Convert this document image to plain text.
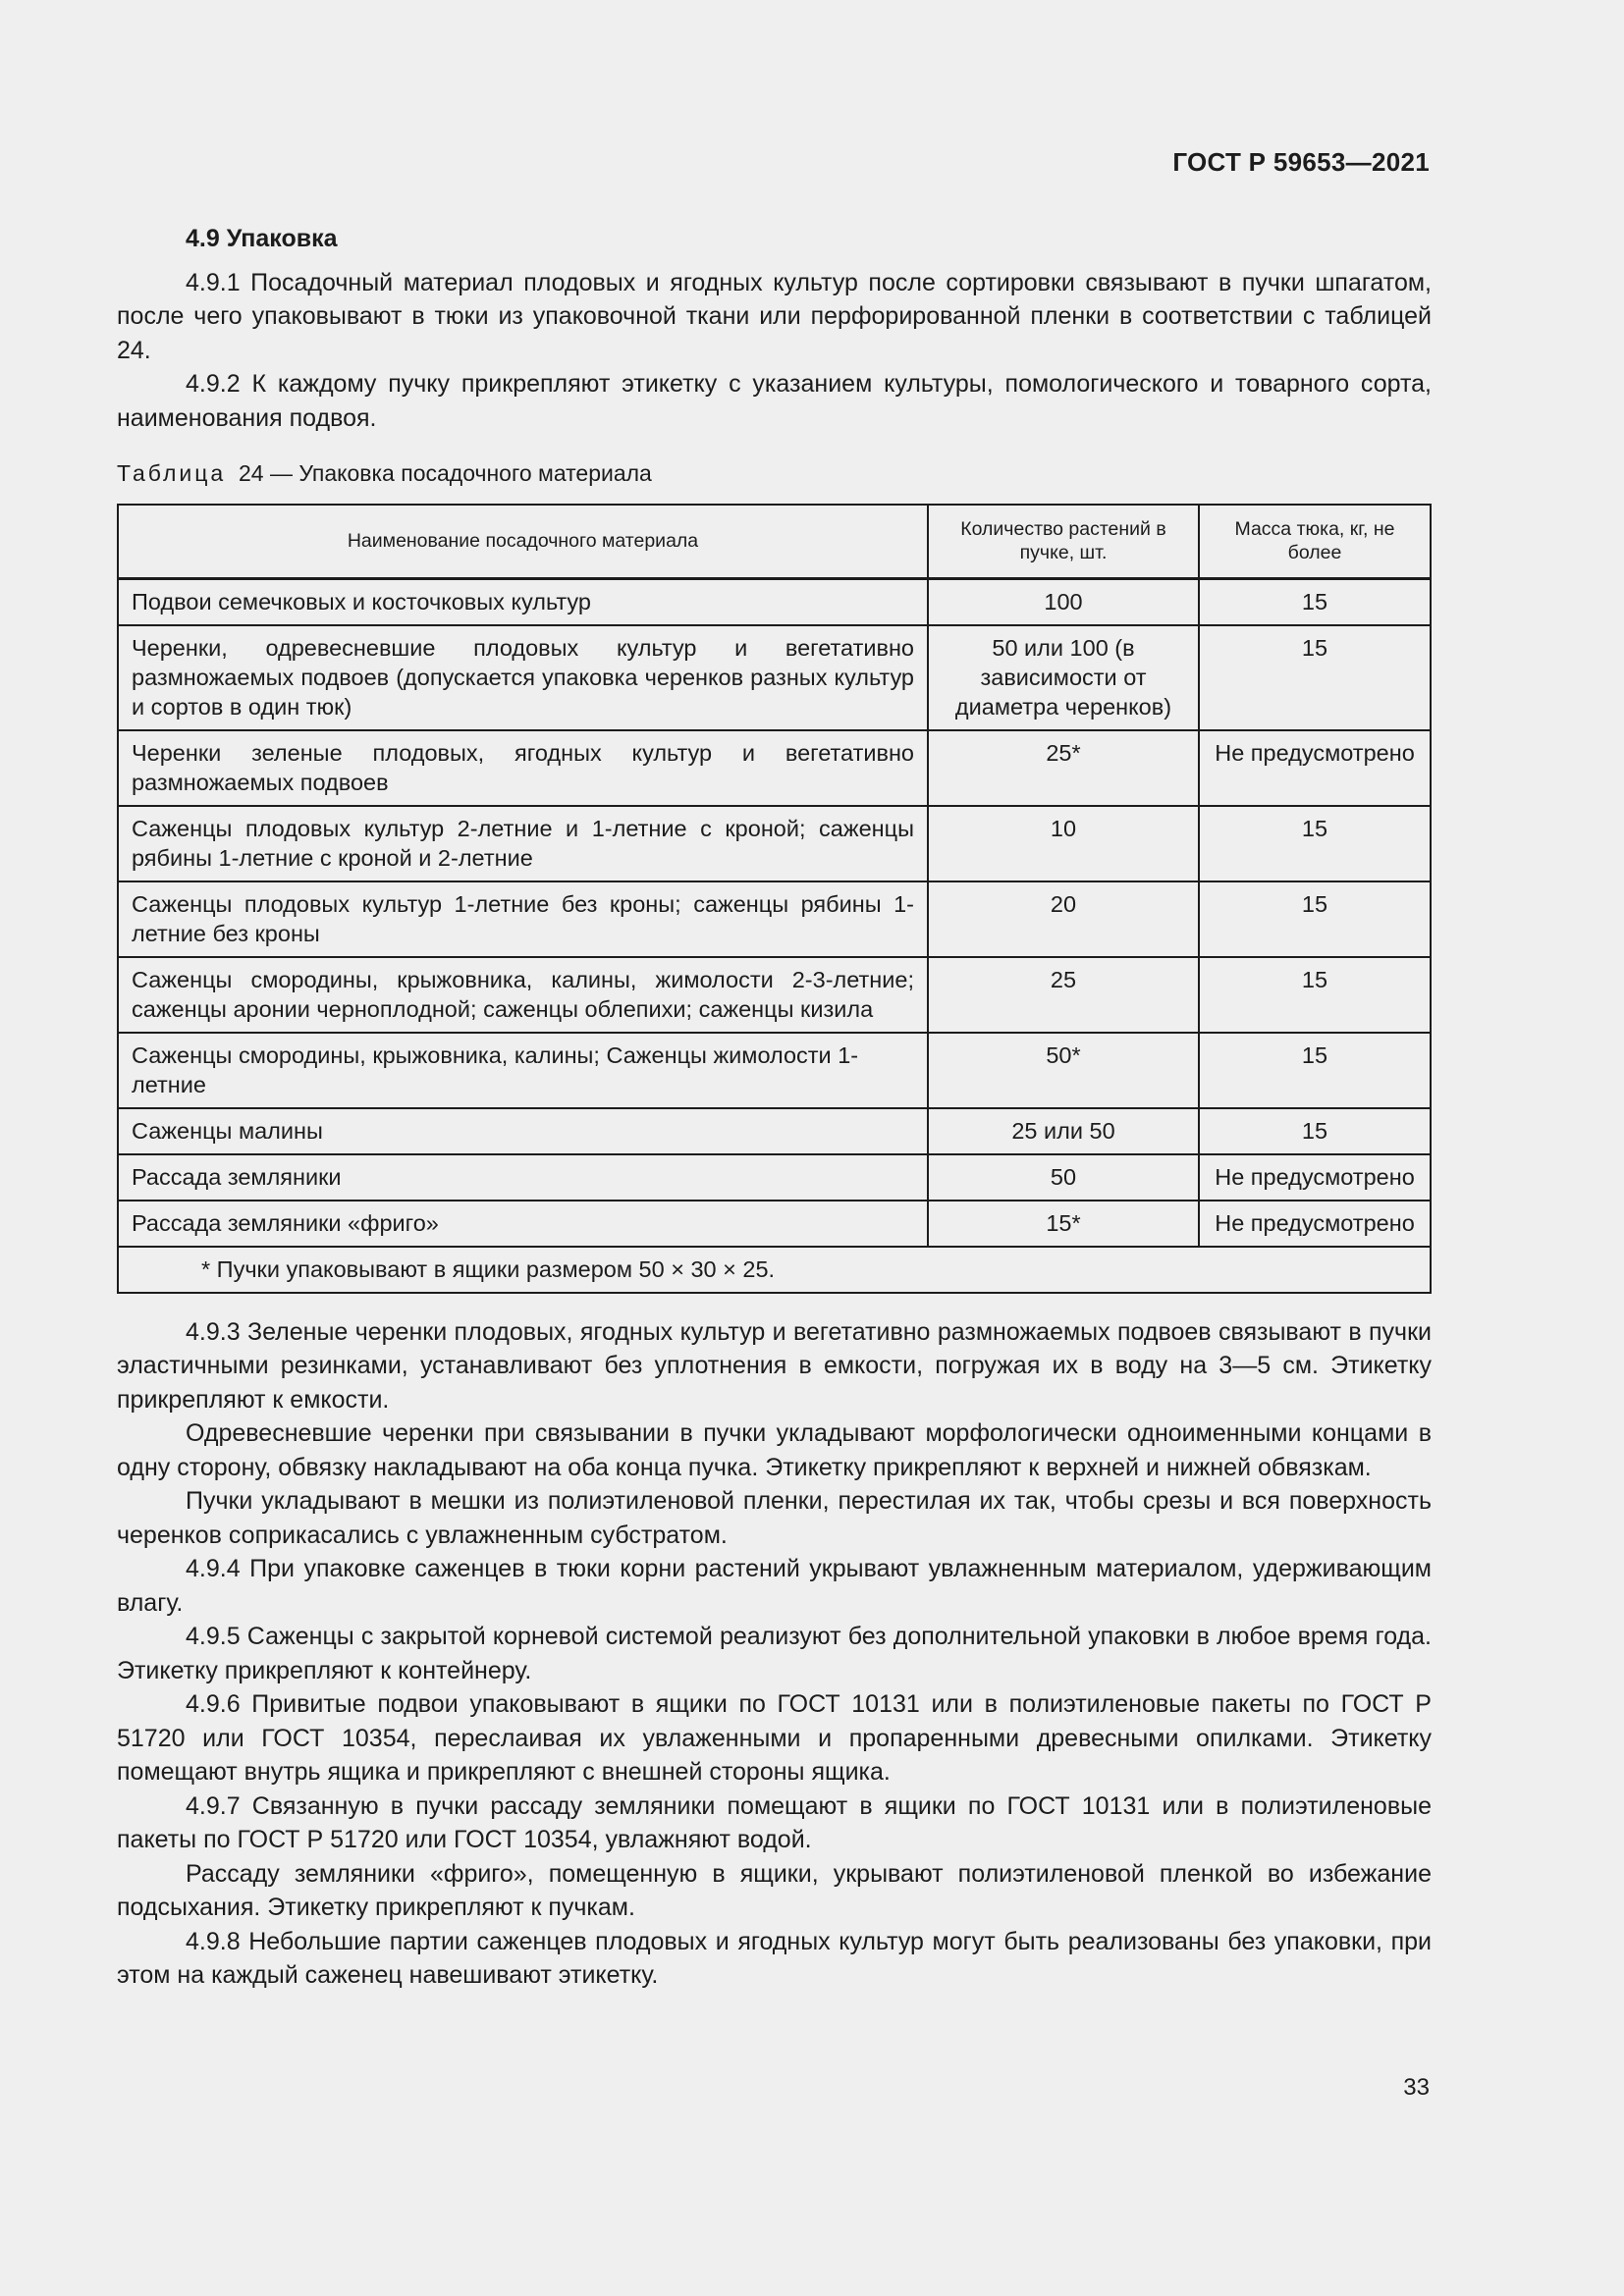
ГОСТ Р 59653—2021
4.9 Упаковка

4.9.1 Посадочный материал плодовых и ягодных культур после сортировки связывают в пучки шпагатом, после чего упаковывают в тюки из упаковочной ткани или перфорированной пленки в соответствии с таблицей 24.

4.9.2 К каждому пучку прикрепляют этикетку с указанием культуры, помологического и товарного сорта, наименования подвоя.

Таблица 24 — Упаковка посадочного материала
Наименование посадочного материала	Количество растений в пучке, шт.	Масса тюка, кг, не более
Подвои семечковых и косточковых культур	100	15
Черенки, одревесневшие плодовых культур и вегетативно размножаемых подвоев (допускается упаковка черенков разных культур и сортов в один тюк)	50 или 100 (в зависимости от диаметра черенков)	15
Черенки зеленые плодовых, ягодных культур и вегетативно размножаемых подвоев	25*	Не предусмотрено
Саженцы плодовых культур 2-летние и 1-летние с кроной; саженцы рябины 1-летние с кроной и 2-летние	10	15
Саженцы плодовых культур 1-летние без кроны; саженцы рябины 1-летние без кроны	20	15
Саженцы смородины, крыжовника, калины, жимолости 2-3-летние; саженцы аронии черноплодной; саженцы облепихи; саженцы кизила	25	15
Саженцы смородины, крыжовника, калины; Саженцы жимолости 1-летние	50*	15
Саженцы малины	25 или 50	15
Рассада земляники	50	Не предусмотрено
Рассада земляники «фриго»	15*	Не предусмотрено
* Пучки упаковывают в ящики размером 50 × 30 × 25.		

4.9.3 Зеленые черенки плодовых, ягодных культур и вегетативно размножаемых подвоев связывают в пучки эластичными резинками, устанавливают без уплотнения в емкости, погружая их в воду на 3—5 см. Этикетку прикрепляют к емкости.

Одревесневшие черенки при связывании в пучки укладывают морфологически одноименными концами в одну сторону, обвязку накладывают на оба конца пучка. Этикетку прикрепляют к верхней и нижней обвязкам.

Пучки укладывают в мешки из полиэтиленовой пленки, перестилая их так, чтобы срезы и вся поверхность черенков соприкасались с увлажненным субстратом.

4.9.4 При упаковке саженцев в тюки корни растений укрывают увлажненным материалом, удерживающим влагу.

4.9.5 Саженцы с закрытой корневой системой реализуют без дополнительной упаковки в любое время года. Этикетку прикрепляют к контейнеру.

4.9.6 Привитые подвои упаковывают в ящики по ГОСТ 10131 или в полиэтиленовые пакеты по ГОСТ Р 51720 или ГОСТ 10354, переслаивая их увлаженными и пропаренными древесными опилками. Этикетку помещают внутрь ящика и прикрепляют с внешней стороны ящика.

4.9.7 Связанную в пучки рассаду земляники помещают в ящики по ГОСТ 10131 или в полиэтиленовые пакеты по ГОСТ Р 51720 или ГОСТ 10354, увлажняют водой.

Рассаду земляники «фриго», помещенную в ящики, укрывают полиэтиленовой пленкой во избежание подсыхания. Этикетку прикрепляют к пучкам.

4.9.8 Небольшие партии саженцев плодовых и ягодных культур могут быть реализованы без упаковки, при этом на каждый саженец навешивают этикетку.

33
